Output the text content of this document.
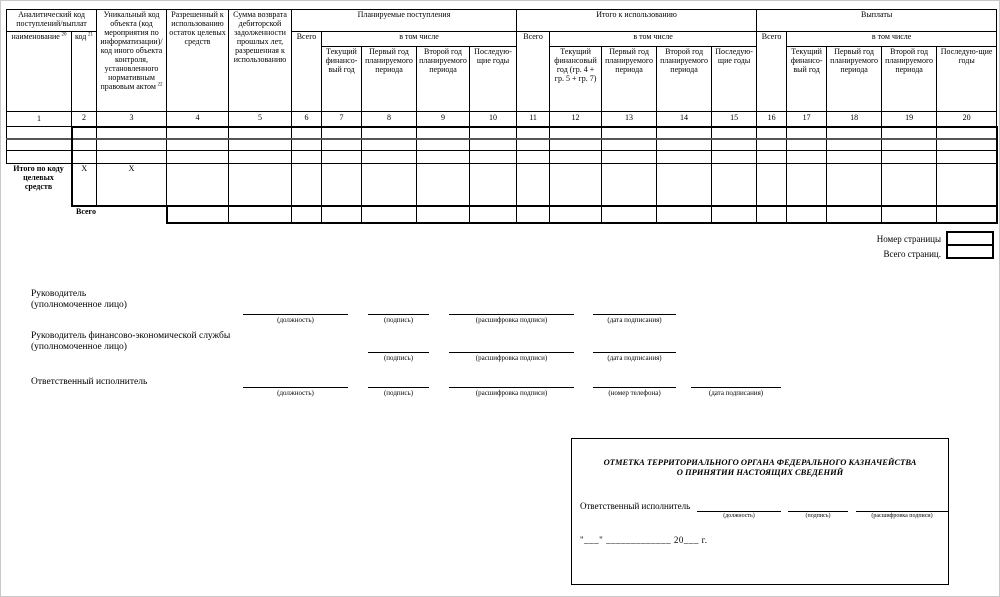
Аналитический код поступлений/выплат		Уникальный код объекта (код мероприятия по информатизации)/ код иного объекта контроля, установленного нормативным правовым актом  $^{22}$	Разрешенный к использованию остаток целевых средств	Сумма возврата дебиторской задолженности прошлых лет, разрешенная к использованию	Планируемые поступления					Итого к использованию					Выплаты				
наименование  $^{20}$	код  $^{21}$				Всего	в том числе				Всего	в том числе				Всего	в том числе			
						Текущий финансо-вый год	Первый год планируемого периода	Второй год планируемого периода	Последую-щие годы		Текущий финансовый год (гр. 4 + гр. 5 + гр. 7)	Первый год планируемого периода	Второй год планируемого периода	Последую-щие годы		Текущий финансо-вый год	Первый год планируемого периода	Второй год планируемого периода	Последую-щие годы
1	2	3	4	5	6	7	8	9	10	11	12	13	14	15	16	17	18	19	20

Итого по коду целевых средств	X	X																	
Всего																			
Номер страницы
Всего страниц.
Руководитель
(уполномоченное лицо)
(должность)	(подпись)	(расшифровка подписи)	(дата подписания)
Руководитель финансово-экономической службы
(уполномоченное лицо)
(подпись)	(расшифровка подписи)	(дата подписания)
Ответственный исполнитель
(должность)	(подпись)	(расшифровка подписи)	(номер телефона)	(дата подписания)
ОТМЕТКА ТЕРРИТОРИАЛЬНОГО ОРГАНА ФЕДЕРАЛЬНОГО КАЗНАЧЕЙСТВА
О ПРИНЯТИИ НАСТОЯЩИХ СВЕДЕНИЙ
Ответственный исполнитель
(должность)	(подпись)	(расшифровка подписи)
"___" _____________ 20___ г.
